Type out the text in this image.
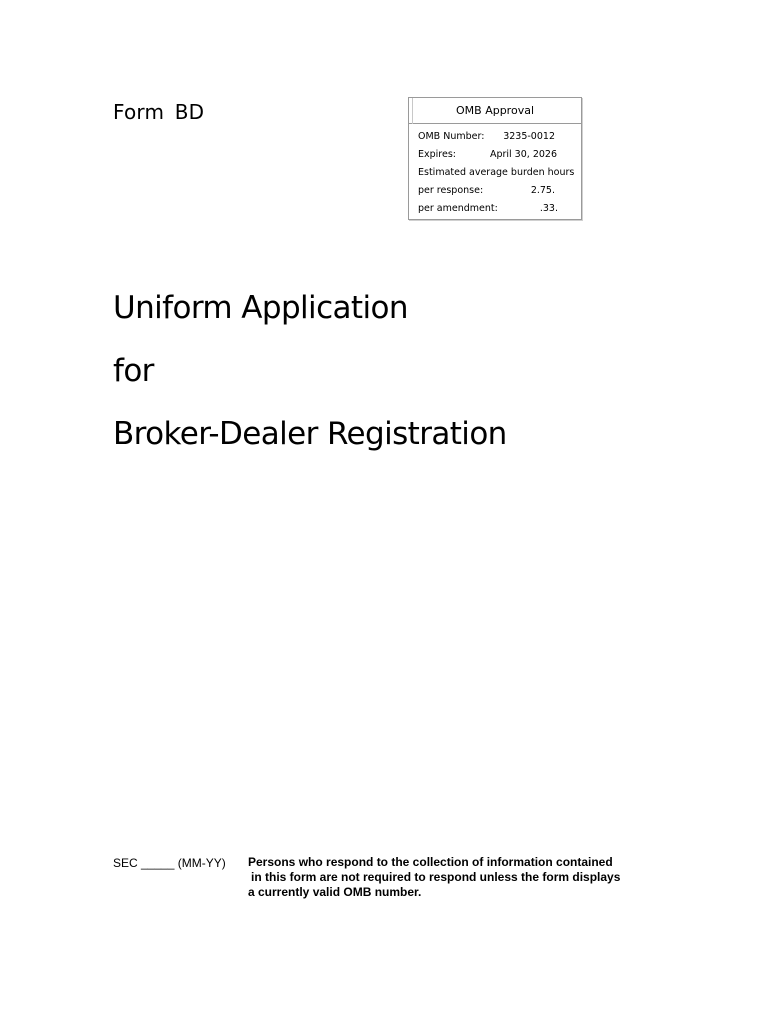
Form BD	OMB Approval
OMB Number: 3235-0012
Expires:	April 30, 2026
Estimated average burden hours
per response:	2.75.
per amendment:	.33.
Uniform Application
for
Broker-Dealer Registration
SEC _____ (MM-YY) Persons who respond to the collection of information contained
in this form are not required to respond unless the form displays
a currently valid OMB number.
